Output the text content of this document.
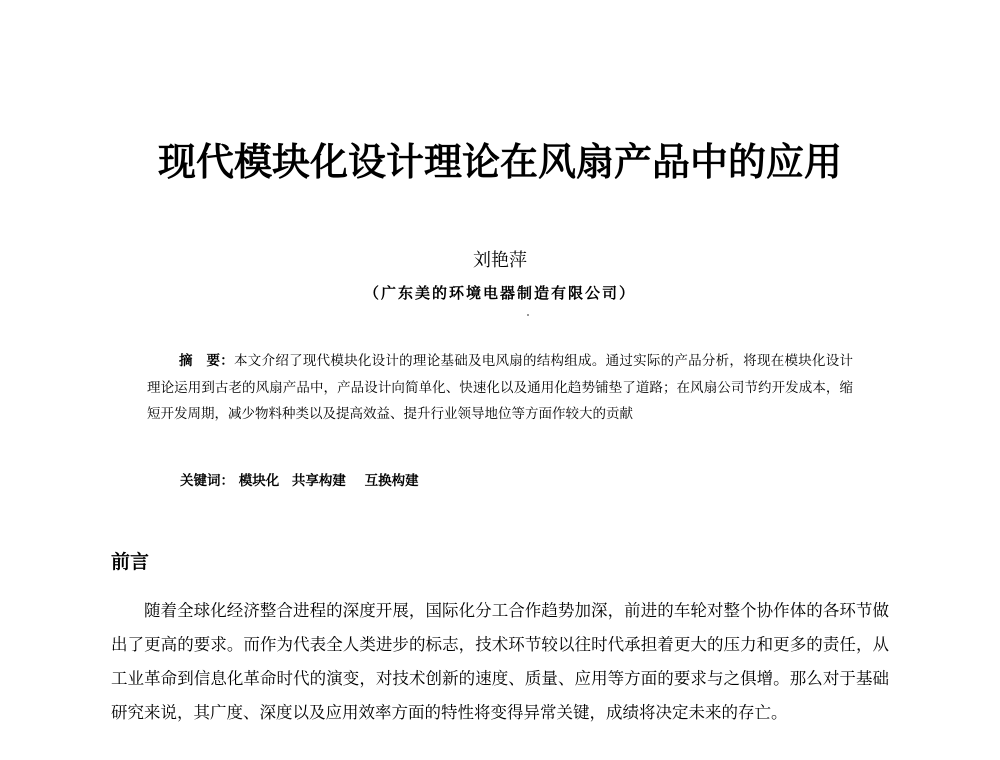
现代模块化设计理论在风扇产品中的应用
刘艳萍
（广东美的环境电器制造有限公司）
摘　要：本文介绍了现代模块化设计的理论基础及电风扇的结构组成。通过实际的产品分析，将现在模块化设计理论运用到古老的风扇产品中，产品设计向简单化、快速化以及通用化趋势铺垫了道路；在风扇公司节约开发成本，缩短开发周期，减少物料种类以及提高效益、提升行业领导地位等方面作较大的贡献
关键词： 模块化 共享构建 互换构建
前言

随着全球化经济整合进程的深度开展，国际化分工合作趋势加深，前进的车轮对整个协作体的各环节做出了更高的要求。而作为代表全人类进步的标志，技术环节较以往时代承担着更大的压力和更多的责任，从工业革命到信息化革命时代的演变，对技术创新的速度、质量、应用等方面的要求与之俱增。那么对于基础研究来说，其广度、深度以及应用效率方面的特性将变得异常关键，成绩将决定未来的存亡。
